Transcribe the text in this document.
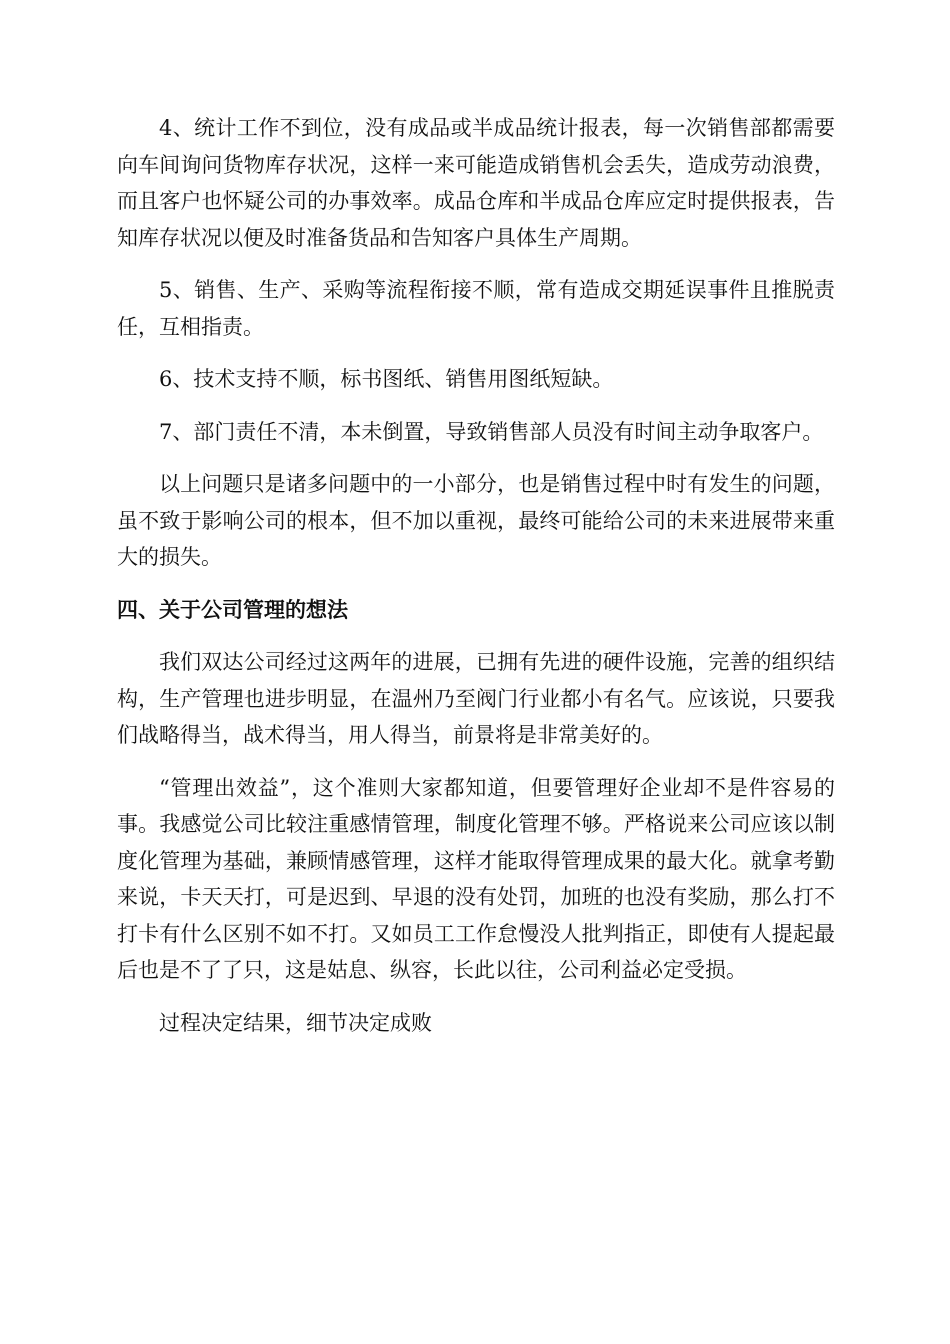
4、统计工作不到位，没有成品或半成品统计报表，每一次销售部都需要向车间询问货物库存状况，这样一来可能造成销售机会丢失，造成劳动浪费，而且客户也怀疑公司的办事效率。成品仓库和半成品仓库应定时提供报表，告知库存状况以便及时准备货品和告知客户具体生产周期。

5、销售、生产、采购等流程衔接不顺，常有造成交期延误事件且推脱责任，互相指责。

6、技术支持不顺，标书图纸、销售用图纸短缺。

7、部门责任不清，本未倒置，导致销售部人员没有时间主动争取客户。

以上问题只是诸多问题中的一小部分，也是销售过程中时有发生的问题，虽不致于影响公司的根本，但不加以重视，最终可能给公司的未来进展带来重大的损失。

四、关于公司管理的想法

我们双达公司经过这两年的进展，已拥有先进的硬件设施，完善的组织结构，生产管理也进步明显，在温州乃至阀门行业都小有名气。应该说，只要我们战略得当，战术得当，用人得当，前景将是非常美好的。

“管理出效益”，这个准则大家都知道，但要管理好企业却不是件容易的事。我感觉公司比较注重感情管理，制度化管理不够。严格说来公司应该以制度化管理为基础，兼顾情感管理，这样才能取得管理成果的最大化。就拿考勤来说，卡天天打，可是迟到、早退的没有处罚，加班的也没有奖励，那么打不打卡有什么区别不如不打。又如员工工作怠慢没人批判指正，即使有人提起最后也是不了了只，这是姑息、纵容，长此以往，公司利益必定受损。

过程决定结果，细节决定成败
